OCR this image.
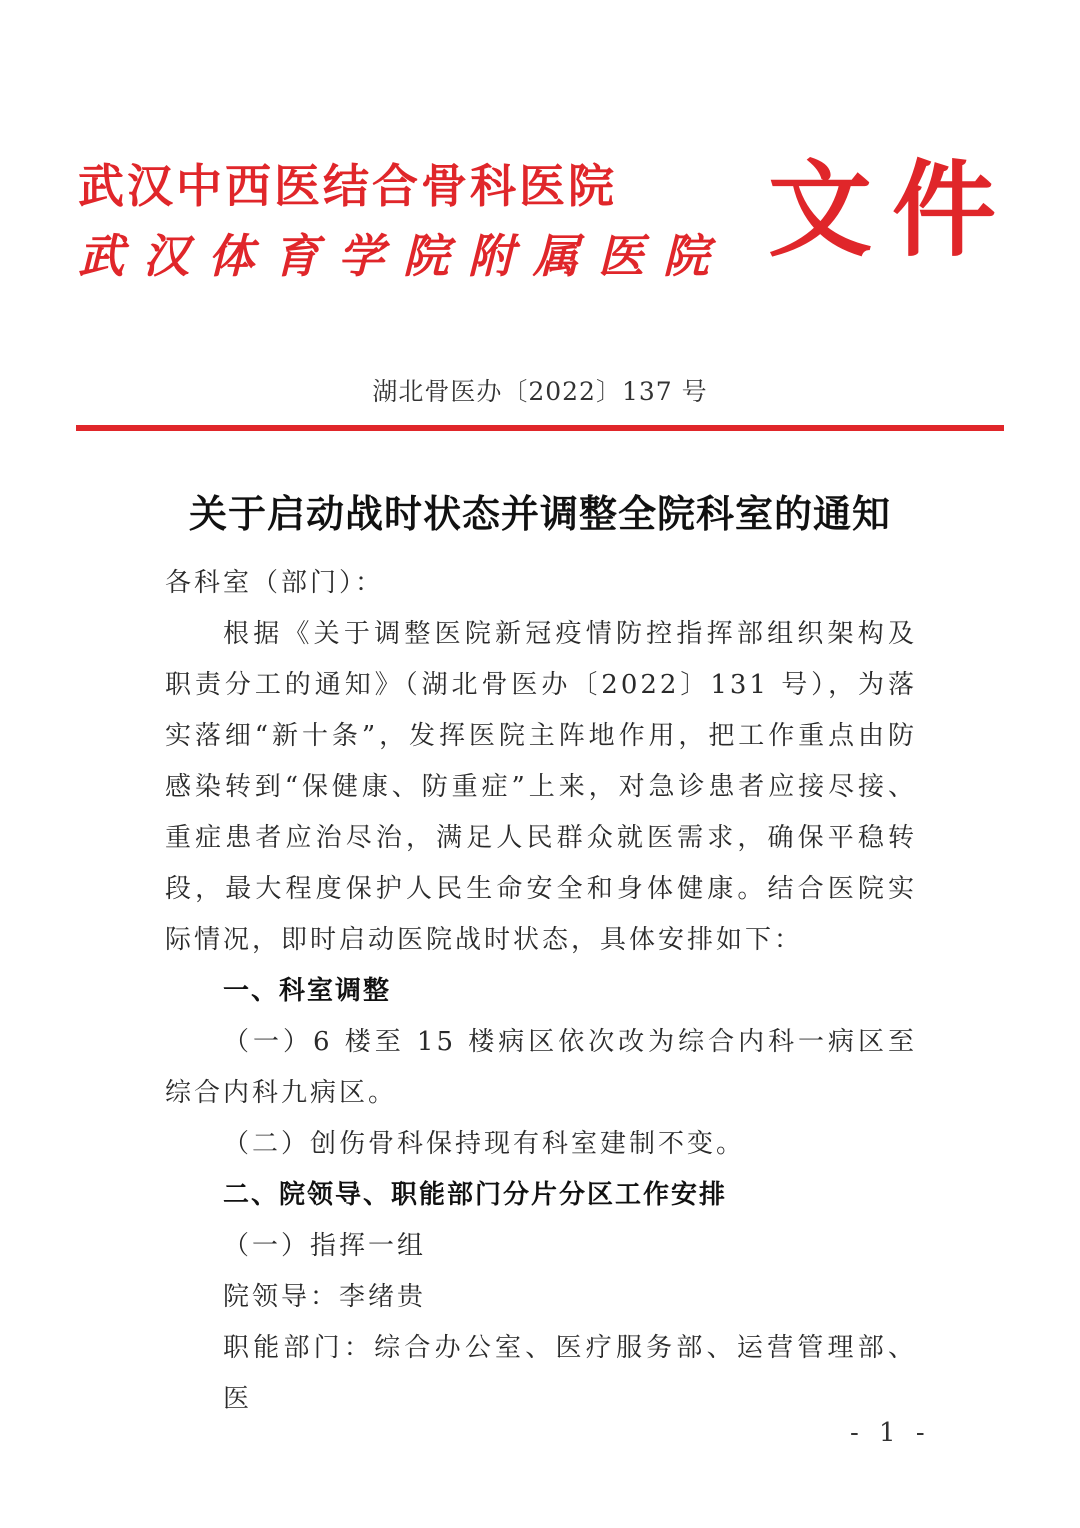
武汉中西医结合骨科医院
武汉体育学院附属医院 文件
湖北骨医办〔2022〕137 号
关于启动战时状态并调整全院科室的通知

各科室（部门）：

根据《关于调整医院新冠疫情防控指挥部组织架构及职责分工的通知》（湖北骨医办〔2022〕131 号），为落实落细“新十条”，发挥医院主阵地作用，把工作重点由防感染转到“保健康、防重症”上来，对急诊患者应接尽接、重症患者应治尽治，满足人民群众就医需求，确保平稳转段，最大程度保护人民生命安全和身体健康。结合医院实际情况，即时启动医院战时状态，具体安排如下：

一、科室调整

（一）6 楼至 15 楼病区依次改为综合内科一病区至综合内科九病区。

（二）创伤骨科保持现有科室建制不变。

二、院领导、职能部门分片分区工作安排

（一）指挥一组

院领导：李绪贵

职能部门：综合办公室、医疗服务部、运营管理部、医

- 1 -
